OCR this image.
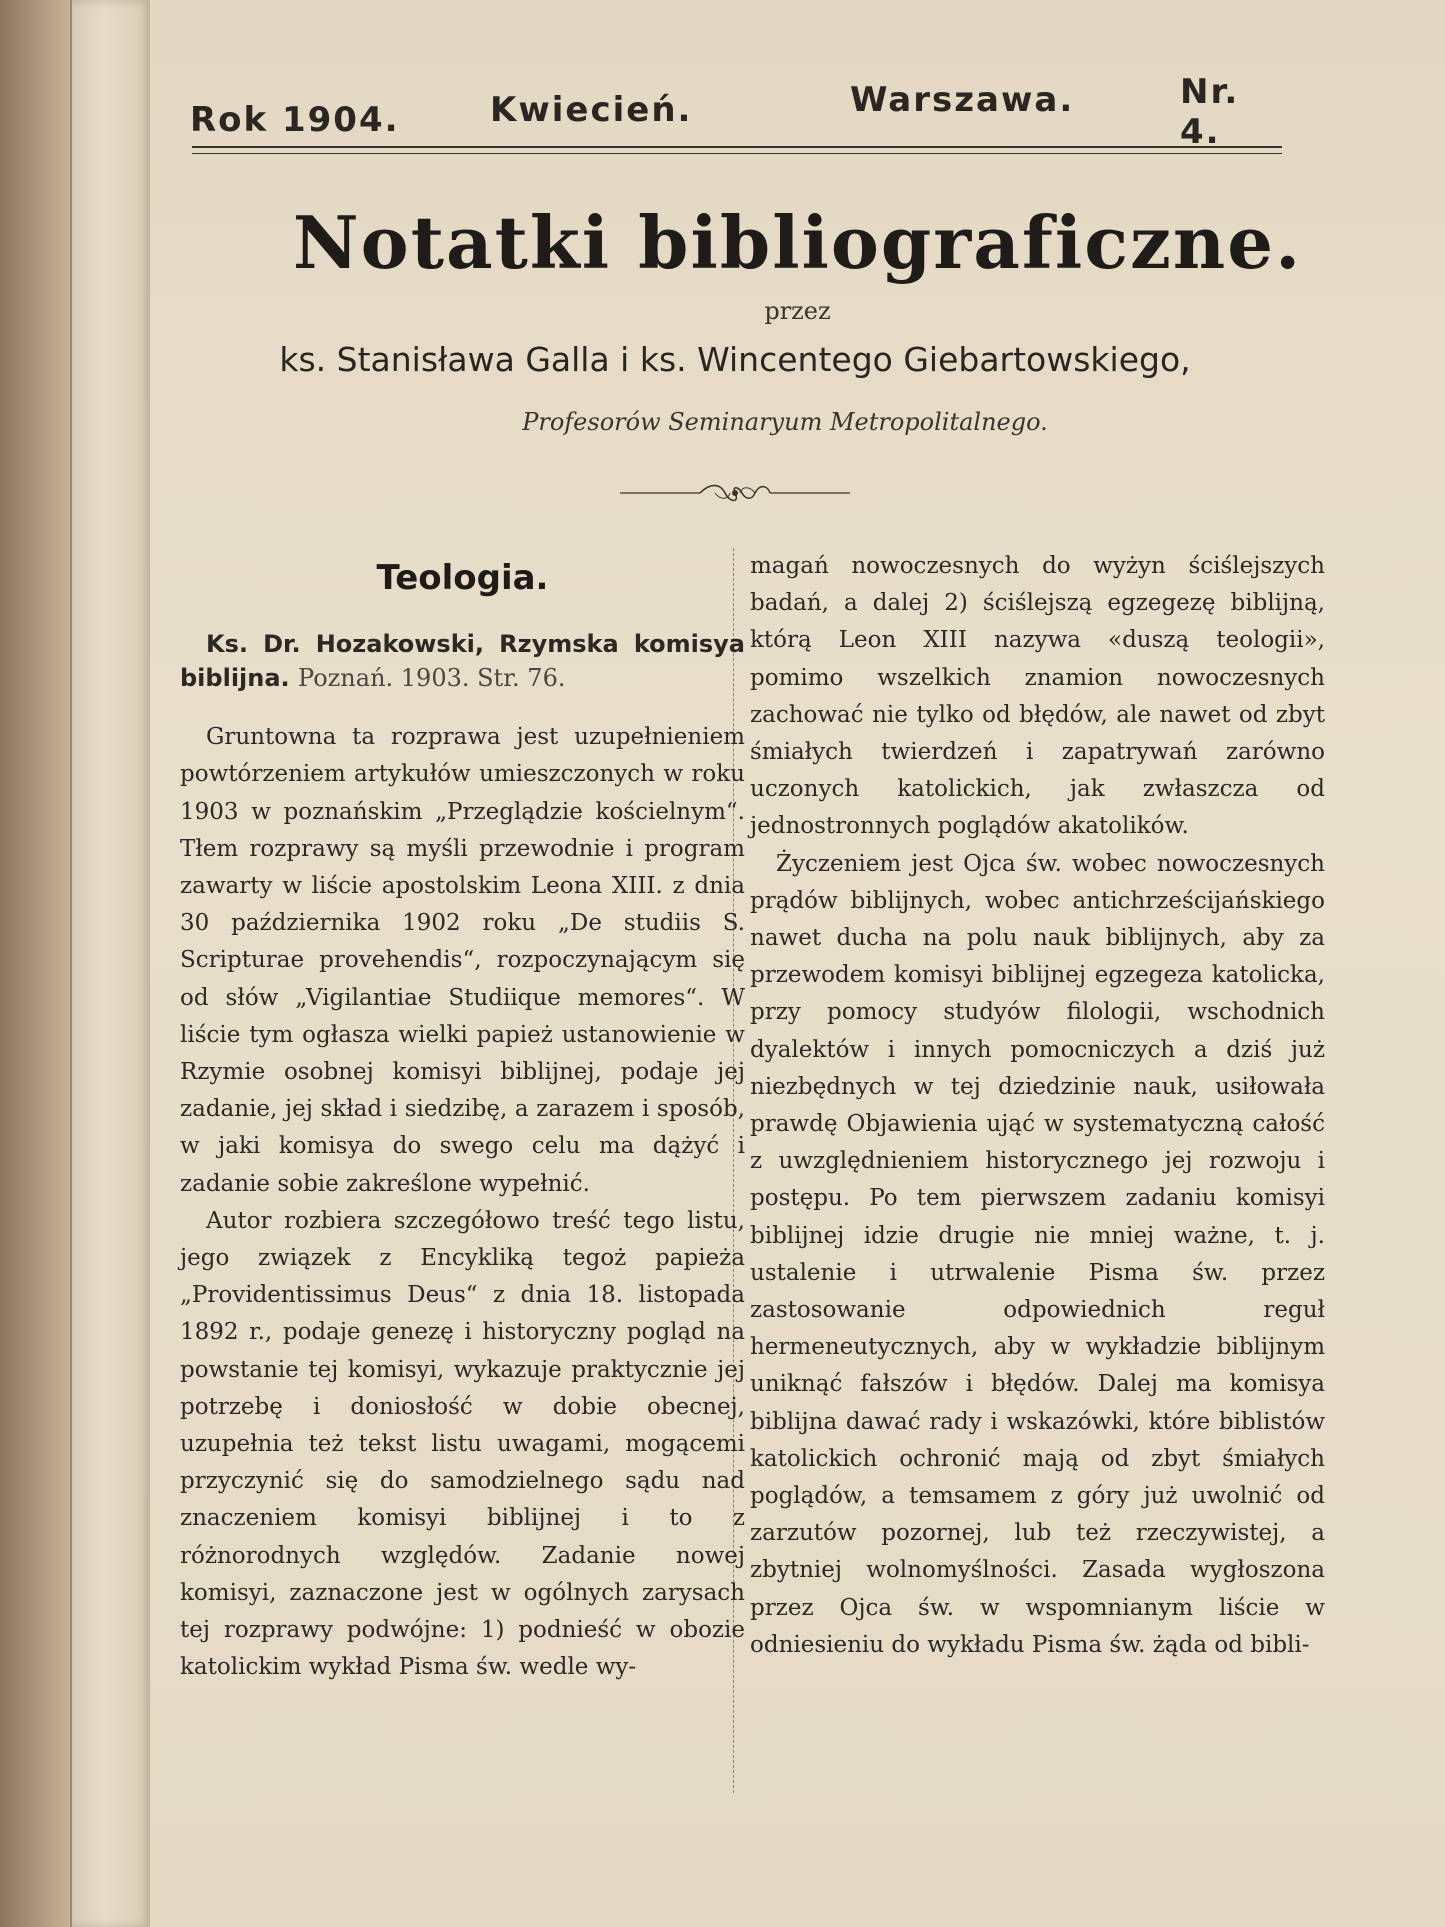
Rok 1904.	Kwiecień.	Warszawa.	Nr. 4.
Notatki bibliograficzne.
przez
ks. Stanisława Galla i ks. Wincentego Giebartowskiego,
Profesorów Seminaryum Metropolitalnego.
Teologia.
Ks. Dr. Hozakowski, Rzymska komisya biblijna. Poznań. 1903. Str. 76.

Gruntowna ta rozprawa jest uzupełnieniem powtórzeniem artykułów umieszczonych w roku 1903 w poznańskim „Przeglądzie kościelnym“. Tłem rozprawy są myśli przewodnie i program zawarty w liście apostolskim Leona XIII. z dnia 30 października 1902 roku „De studiis S. Scripturae provehendis“, rozpoczynającym się od słów „Vigilantiae Studiique memores“. W liście tym ogłasza wielki papież ustanowienie w Rzymie osobnej komisyi biblijnej, podaje jej zadanie, jej skład i siedzibę, a zarazem i sposób, w jaki komisya do swego celu ma dążyć i zadanie sobie zakreślone wypełnić.

Autor rozbiera szczegółowo treść tego listu, jego związek z Encykliką tegoż papieża „Providentissimus Deus“ z dnia 18. listopada 1892 r., podaje genezę i historyczny pogląd na powstanie tej komisyi, wykazuje praktycznie jej potrzebę i doniosłość w dobie obecnej, uzupełnia też tekst listu uwagami, mogącemi przyczynić się do samodzielnego sądu nad znaczeniem komisyi biblijnej i to z różnorodnych względów. Zadanie nowej komisyi, zaznaczone jest w ogólnych zarysach tej rozprawy podwójne: 1) podnieść w obozie katolickim wykład Pisma św. wedle wy-

magań nowoczesnych do wyżyn ściślejszych badań, a dalej 2) ściślejszą egzegezę biblijną, którą Leon XIII nazywa «duszą teologii», pomimo wszelkich znamion nowoczesnych zachować nie tylko od błędów, ale nawet od zbyt śmiałych twierdzeń i zapatrywań zarówno uczonych katolickich, jak zwłaszcza od jednostronnych poglądów akatolików.

Życzeniem jest Ojca św. wobec nowoczesnych prądów biblijnych, wobec antichrześcijańskiego nawet ducha na polu nauk biblijnych, aby za przewodem komisyi biblijnej egzegeza katolicka, przy pomocy studyów filologii, wschodnich dyalektów i innych pomocniczych a dziś już niezbędnych w tej dziedzinie nauk, usiłowała prawdę Objawienia ująć w systematyczną całość z uwzględnieniem historycznego jej rozwoju i postępu. Po tem pierwszem zadaniu komisyi biblijnej idzie drugie nie mniej ważne, t. j. ustalenie i utrwalenie Pisma św. przez zastosowanie odpowiednich reguł hermeneutycznych, aby w wykładzie biblijnym uniknąć fałszów i błędów. Dalej ma komisya biblijna dawać rady i wskazówki, które biblistów katolickich ochronić mają od zbyt śmiałych poglądów, a temsamem z góry już uwolnić od zarzutów pozornej, lub też rzeczywistej, a zbytniej wolnomyślności. Zasada wygłoszona przez Ojca św. w wspomnianym liście w odniesieniu do wykładu Pisma św. żąda od bibli-
